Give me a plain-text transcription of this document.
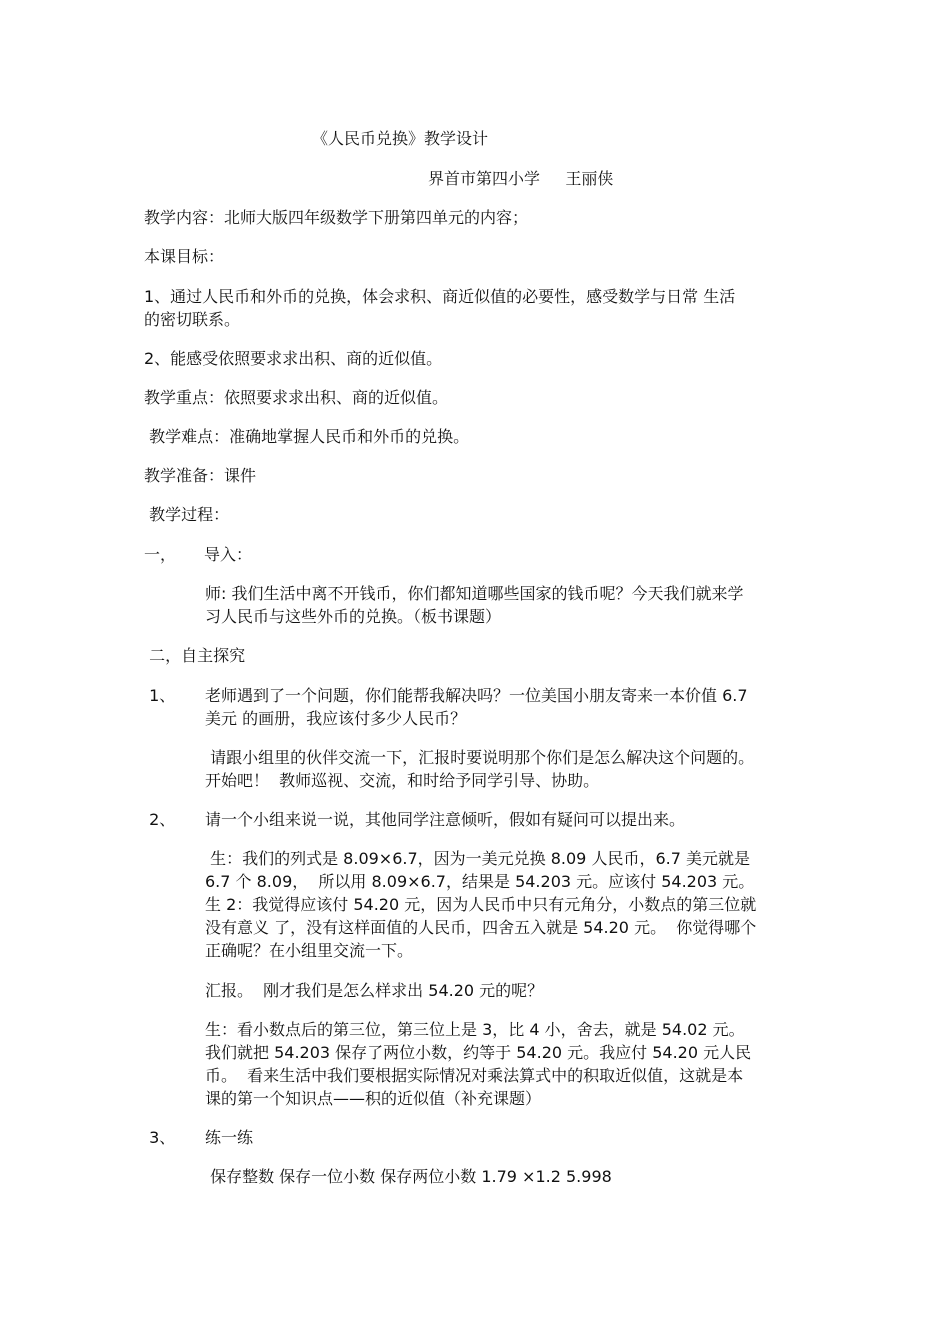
《人民币兑换》教学设计

界首市第四小学     王丽侠

教学内容：北师大版四年级数学下册第四单元的内容；

本课目标：

1、通过人民币和外币的兑换，体会求积、商近似值的必要性，感受数学与日常 生活

的密切联系。

2、能感受依照要求求出积、商的近似值。

教学重点：依照要求求出积、商的近似值。

教学难点：准确地掌握人民币和外币的兑换。

教学准备：课件

教学过程：

一， 导入：

师: 我们生活中离不开钱币，你们都知道哪些国家的钱币呢？今天我们就来学

习人民币与这些外币的兑换。（板书课题）

二，自主探究

1、 老师遇到了一个问题，你们能帮我解决吗？一位美国小朋友寄来一本价值 6.7

美元 的画册，我应该付多少人民币？

请跟小组里的伙伴交流一下，汇报时要说明那个你们是怎么解决这个问题的。

开始吧！  教师巡视、交流，和时给予同学引导、协助。

2、 请一个小组来说一说，其他同学注意倾听，假如有疑问可以提出来。

生：我们的列式是 8.09×6.7，因为一美元兑换 8.09 人民币，6.7 美元就是

6.7 个 8.09，  所以用 8.09×6.7，结果是 54.203 元。应该付 54.203 元。

生 2：我觉得应该付 54.20 元，因为人民币中只有元角分，小数点的第三位就

没有意义 了，没有这样面值的人民币，四舍五入就是 54.20 元。  你觉得哪个

正确呢？在小组里交流一下。

汇报。  刚才我们是怎么样求出 54.20 元的呢？

生：看小数点后的第三位，第三位上是 3，比 4 小，舍去，就是 54.02 元。

我们就把 54.203 保存了两位小数，约等于 54.20 元。我应付 54.20 元人民

币。  看来生活中我们要根据实际情况对乘法算式中的积取近似值，这就是本

课的第一个知识点——积的近似值（补充课题）

3、 练一练

保存整数 保存一位小数 保存两位小数 1.79 ×1.2 5.998
